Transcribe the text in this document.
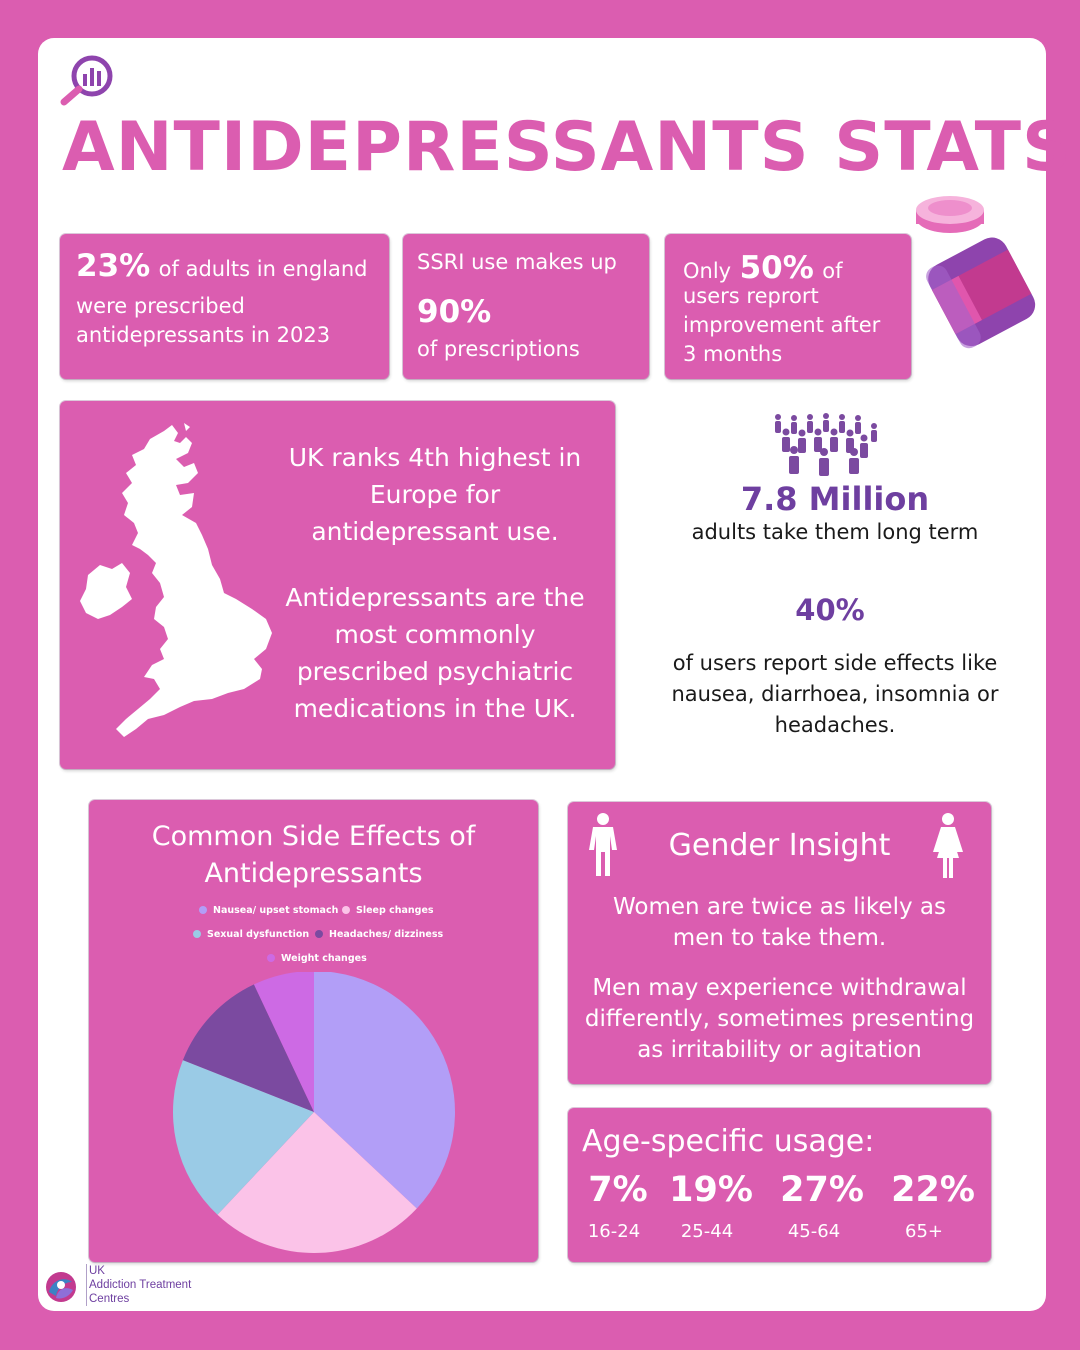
ANTIDEPRESSANTS STATS
23% of adults in england
were prescribed
antidepressants in 2023
SSRI use makes up
90%
of prescriptions
Only 50% of
users reprort
improvement after
3 months
UK ranks 4th highest in
Europe for
antidepressant use.
Antidepressants are the
most commonly
prescribed psychiatric
medications in the UK.
7.8 Million
adults take them long term
40%
of users report side effects like
nausea, diarrhoea, insomnia or
headaches.
Common Side Effects of
Antidepressants
Nausea/ upset stomach	Sleep changes
Sexual dysfunction	Headaches/ dizziness
Weight changes
Gender Insight
Women are twice as likely as
men to take them.
Men may experience withdrawal
differently, sometimes presenting
as irritability or agitation
Age-specific usage:
7% 19% 27% 22%
16-24	25-44	45-64	65+
UK
Addiction Treatment
Centres
